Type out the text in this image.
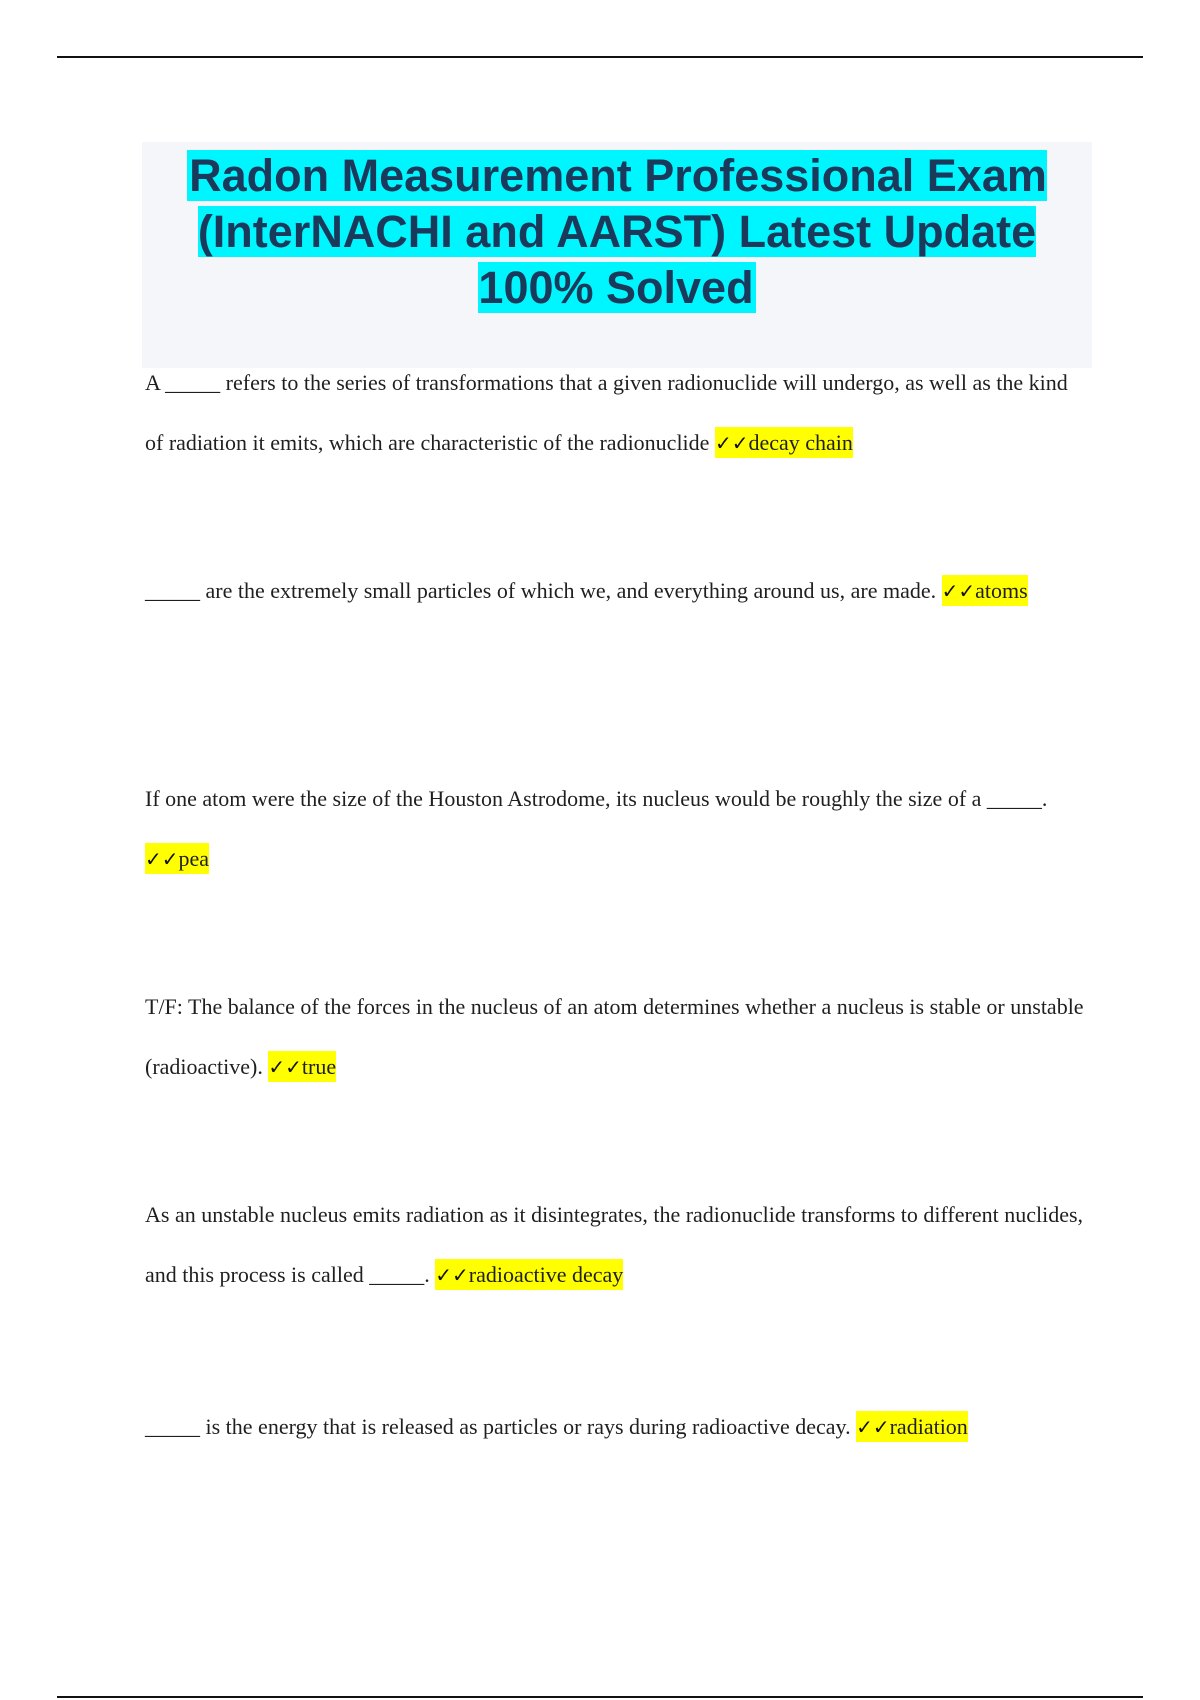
Radon Measurement Professional Exam (InterNACHI and AARST) Latest Update 100% Solved

A _____ refers to the series of transformations that a given radionuclide will undergo, as well as the kind of radiation it emits, which are characteristic of the radionuclide ✓✓decay chain

_____ are the extremely small particles of which we, and everything around us, are made. ✓✓atoms

If one atom were the size of the Houston Astrodome, its nucleus would be roughly the size of a _____. ✓✓pea

T/F: The balance of the forces in the nucleus of an atom determines whether a nucleus is stable or unstable (radioactive). ✓✓true

As an unstable nucleus emits radiation as it disintegrates, the radionuclide transforms to different nuclides, and this process is called _____. ✓✓radioactive decay

_____ is the energy that is released as particles or rays during radioactive decay. ✓✓radiation
